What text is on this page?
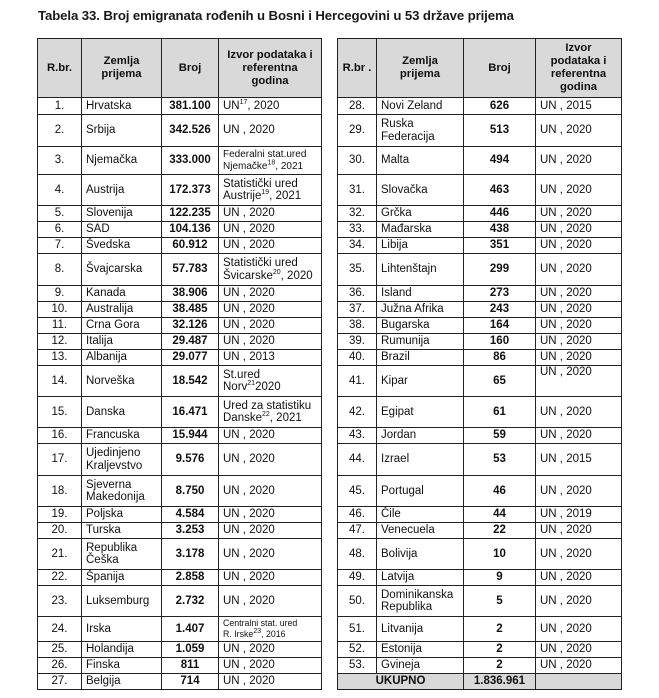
Tabela 33. Broj emigranata rođenih u Bosni i Hercegovini u 53 države prijema
R.br.	Zemlja prijema	Broj	Izvor podataka i referentna godina
1.	Hrvatska	381.100	UN$^{17}$, 2020
2.	Srbija	342.526	UN , 2020
3.	Njemačka	333.000	Federalni stat.ured
Njemačke$^{18}$, 2021
4.	Austrija	172.373	Statistički ured
Austrije$^{19}$, 2021
5.	Slovenija	122.235	UN , 2020
6.	SAD	104.136	UN , 2020
7.	Švedska	60.912	UN , 2020
8.	Švajcarska	57.783	Statistički ured
Švicarske$^{20}$, 2020
9.	Kanada	38.906	UN , 2020
10.	Australija	38.485	UN , 2020
11.	Crna Gora	32.126	UN , 2020
12.	Italija	29.487	UN , 2020
13.	Albanija	29.077	UN , 2013
14.	Norveška	18.542	St.ured
Norv$^{21}$2020
15.	Danska	16.471	Ured za statistiku
Danske$^{22}$, 2021
16.	Francuska	15.944	UN , 2020
17.	Ujedinjeno
Kraljevstvo	9.576	UN , 2020
18.	Sjeverna
Makedonija	8.750	UN , 2020
19.	Poljska	4.584	UN , 2020
20.	Turska	3.253	UN , 2020
21.	Republika
Češka	3.178	UN , 2020
22.	Španija	2.858	UN , 2020
23.	Luksemburg	2.732	UN , 2020
24.	Irska	1.407	Centralni stat. ured
R. Irske$^{23}$, 2016
25.	Holandija	1.059	UN , 2020
26.	Finska	811	UN , 2020
27.	Belgija	714	UN , 2020
R.br .	Zemlja prijema	Broj	Izvor podataka i referentna godina
28.	Novi Zeland	626	UN , 2015
29.	Ruska
Federacija	513	UN , 2020
30.	Malta	494	UN , 2020
31.	Slovačka	463	UN , 2020
32.	Grčka	446	UN , 2020
33.	Mađarska	438	UN , 2020
34.	Libija	351	UN , 2020
35.	Lihtenštajn	299	UN , 2020
36.	Island	273	UN , 2020
37.	Južna Afrika	243	UN , 2020
38.	Bugarska	164	UN , 2020
39.	Rumunija	160	UN , 2020
40.	Brazil	86	UN , 2020
41.	Kipar	65	UN , 2020
42.	Egipat	61	UN , 2020
43.	Jordan	59	UN , 2020
44.	Izrael	53	UN , 2015
45.	Portugal	46	UN , 2020
46.	Čile	44	UN , 2019
47.	Venecuela	22	UN , 2020
48.	Bolivija	10	UN , 2020
49.	Latvija	9	UN , 2020
50.	Dominikanska
Republika	5	UN , 2020
51.	Litvanija	2	UN , 2020
52.	Estonija	2	UN , 2020
53.	Gvineja	2	UN , 2020
UKUPNO		1.836.961	
